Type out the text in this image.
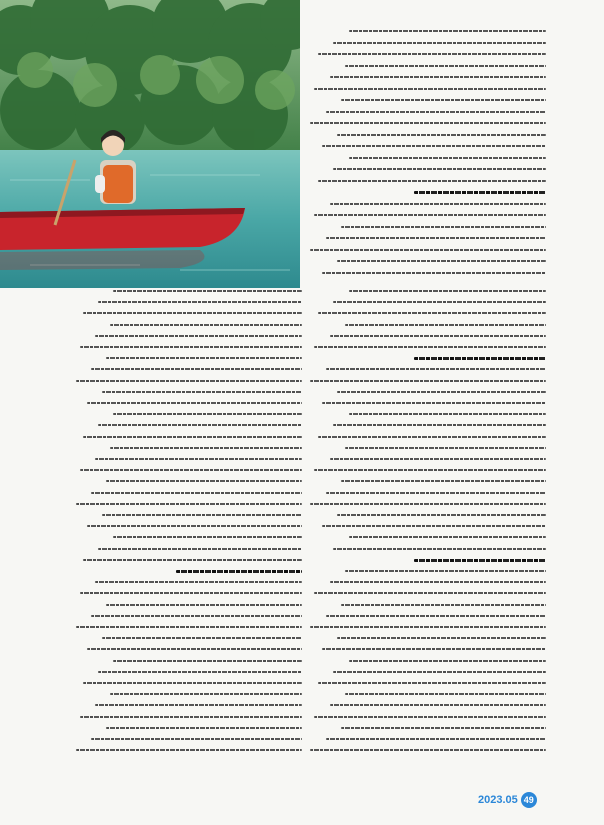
2023.05 49
